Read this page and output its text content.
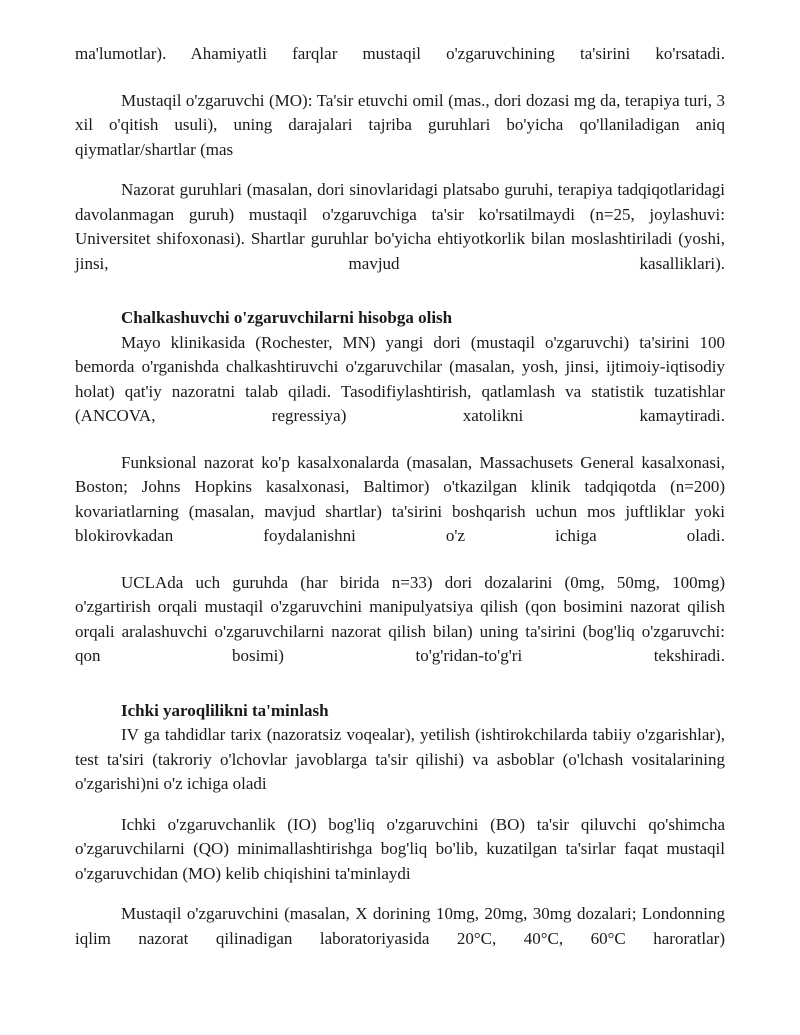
ma'lumotlar). Ahamiyatli farqlar mustaqil o'zgaruvchining ta'sirini ko'rsatadi.

Mustaqil o'zgaruvchi (MO): Ta'sir etuvchi omil (mas., dori dozasi mg da, terapiya turi, 3 xil o'qitish usuli), uning darajalari tajriba guruhlari bo'yicha qo'llaniladigan aniq qiymatlar/shartlar (mas

Nazorat guruhlari (masalan, dori sinovlaridagi platsabo guruhi, terapiya tadqiqotlaridagi davolanmagan guruh) mustaqil o'zgaruvchiga ta'sir ko'rsatilmaydi (n=25, joylashuvi: Universitet shifoxonasi). Shartlar guruhlar bo'yicha ehtiyotkorlik bilan moslashtiriladi (yoshi, jinsi, mavjud kasalliklari).

Chalkashuvchi o'zgaruvchilarni hisobga olish

Mayo klinikasida (Rochester, MN) yangi dori (mustaqil o'zgaruvchi) ta'sirini 100 bemorda o'rganishda chalkashtiruvchi o'zgaruvchilar (masalan, yosh, jinsi, ijtimoiy-iqtisodiy holat) qat'iy nazoratni talab qiladi. Tasodifiylashtirish, qatlamlash va statistik tuzatishlar (ANCOVA, regressiya) xatolikni kamaytiradi.

Funksional nazorat ko'p kasalxonalarda (masalan, Massachusets General kasalxonasi, Boston; Johns Hopkins kasalxonasi, Baltimor) o'tkazilgan klinik tadqiqotda (n=200) kovariatlarning (masalan, mavjud shartlar) ta'sirini boshqarish uchun mos juftliklar yoki blokirovkadan foydalanishni o'z ichiga oladi.

UCLAda uch guruhda (har birida n=33) dori dozalarini (0mg, 50mg, 100mg) o'zgartirish orqali mustaqil o'zgaruvchini manipulyatsiya qilish (qon bosimini nazorat qilish orqali aralashuvchi o'zgaruvchilarni nazorat qilish bilan) uning ta'sirini (bog'liq o'zgaruvchi: qon bosimi) to'g'ridan-to'g'ri tekshiradi.

Ichki yaroqlilikni ta'minlash

IV ga tahdidlar tarix (nazoratsiz voqealar), yetilish (ishtirokchilarda tabiiy o'zgarishlar), test ta'siri (takroriy o'lchovlar javoblarga ta'sir qilishi) va asboblar (o'lchash vositalarining o'zgarishi)ni o'z ichiga oladi

Ichki o'zgaruvchanlik (IO) bog'liq o'zgaruvchini (BO) ta'sir qiluvchi qo'shimcha o'zgaruvchilarni (QO) minimallashtirishga bog'liq bo'lib, kuzatilgan ta'sirlar faqat mustaqil o'zgaruvchidan (MO) kelib chiqishini ta'minlaydi

Mustaqil o'zgaruvchini (masalan, X dorining 10mg, 20mg, 30mg dozalari; Londonning iqlim nazorat qilinadigan laboratoriyasida 20°C, 40°C, 60°C haroratlar)
